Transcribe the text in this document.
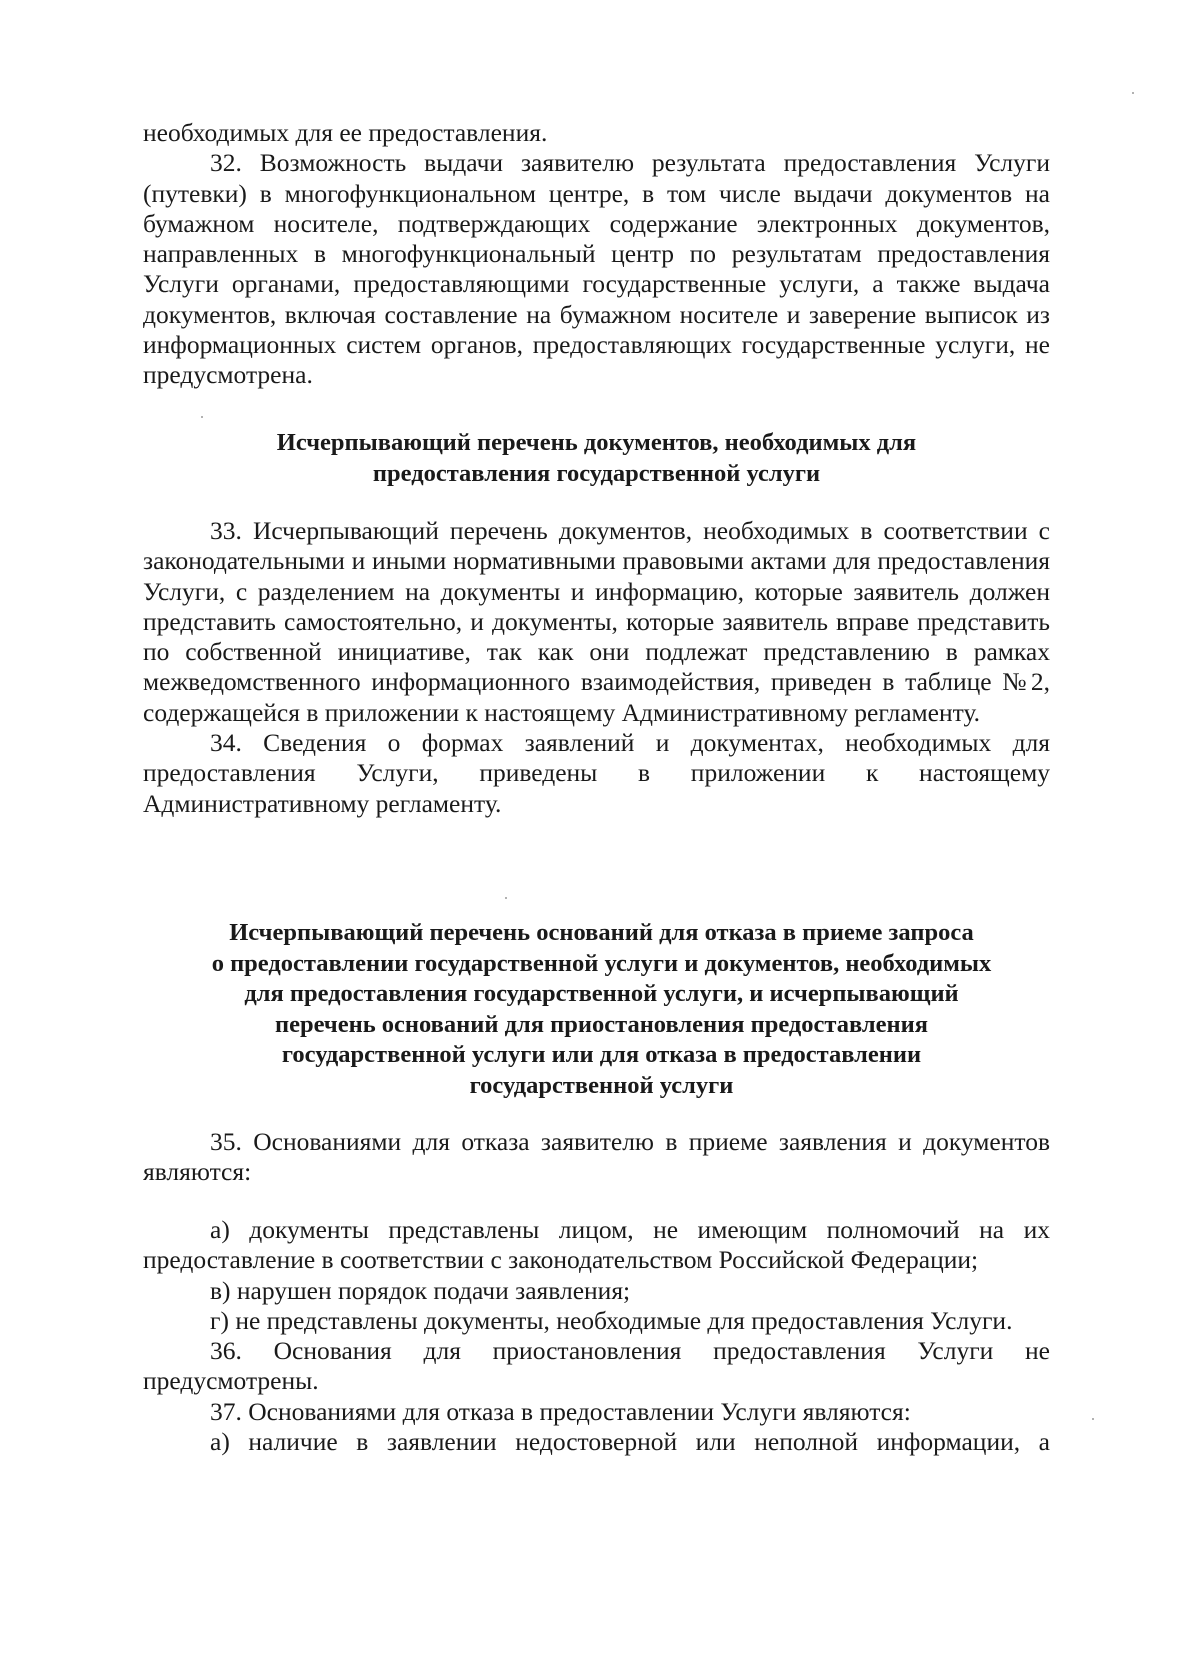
необходимых для ее предоставления.

32. Возможность выдачи заявителю результата предоставления Услуги (путевки) в многофункциональном центре, в том числе выдачи документов на бумажном носителе, подтверждающих содержание электронных документов, направленных в многофункциональный центр по результатам предоставления Услуги органами, предоставляющими государственные услуги, а также выдача документов, включая составление на бумажном носителе и заверение выписок из информационных систем органов, предоставляющих государственные услуги, не предусмотрена.

Исчерпывающий перечень документов, необходимых для
предоставления государственной услуги

33. Исчерпывающий перечень документов, необходимых в соответствии с законодательными и иными нормативными правовыми актами для предоставления Услуги, с разделением на документы и информацию, которые заявитель должен представить самостоятельно, и документы, которые заявитель вправе представить по собственной инициативе, так как они подлежат представлению в рамках межведомственного информационного взаимодействия, приведен в таблице №2, содержащейся в приложении к настоящему Административному регламенту.

34. Сведения о формах заявлений и документах, необходимых для предоставления Услуги, приведены в приложении к настоящему Административному регламенту.

Исчерпывающий перечень оснований для отказа в приеме запроса
о предоставлении государственной услуги и документов, необходимых
для предоставления государственной услуги, и исчерпывающий
перечень оснований для приостановления предоставления
государственной услуги или для отказа в предоставлении
государственной услуги

35. Основаниями для отказа заявителю в приеме заявления и документов являются:

а) документы представлены лицом, не имеющим полномочий на их предоставление в соответствии с законодательством Российской Федерации;

в) нарушен порядок подачи заявления;

г) не представлены документы, необходимые для предоставления Услуги.

36. Основания для приостановления предоставления Услуги не предусмотрены.

37. Основаниями для отказа в предоставлении Услуги являются:

а) наличие в заявлении недостоверной или неполной информации, а
